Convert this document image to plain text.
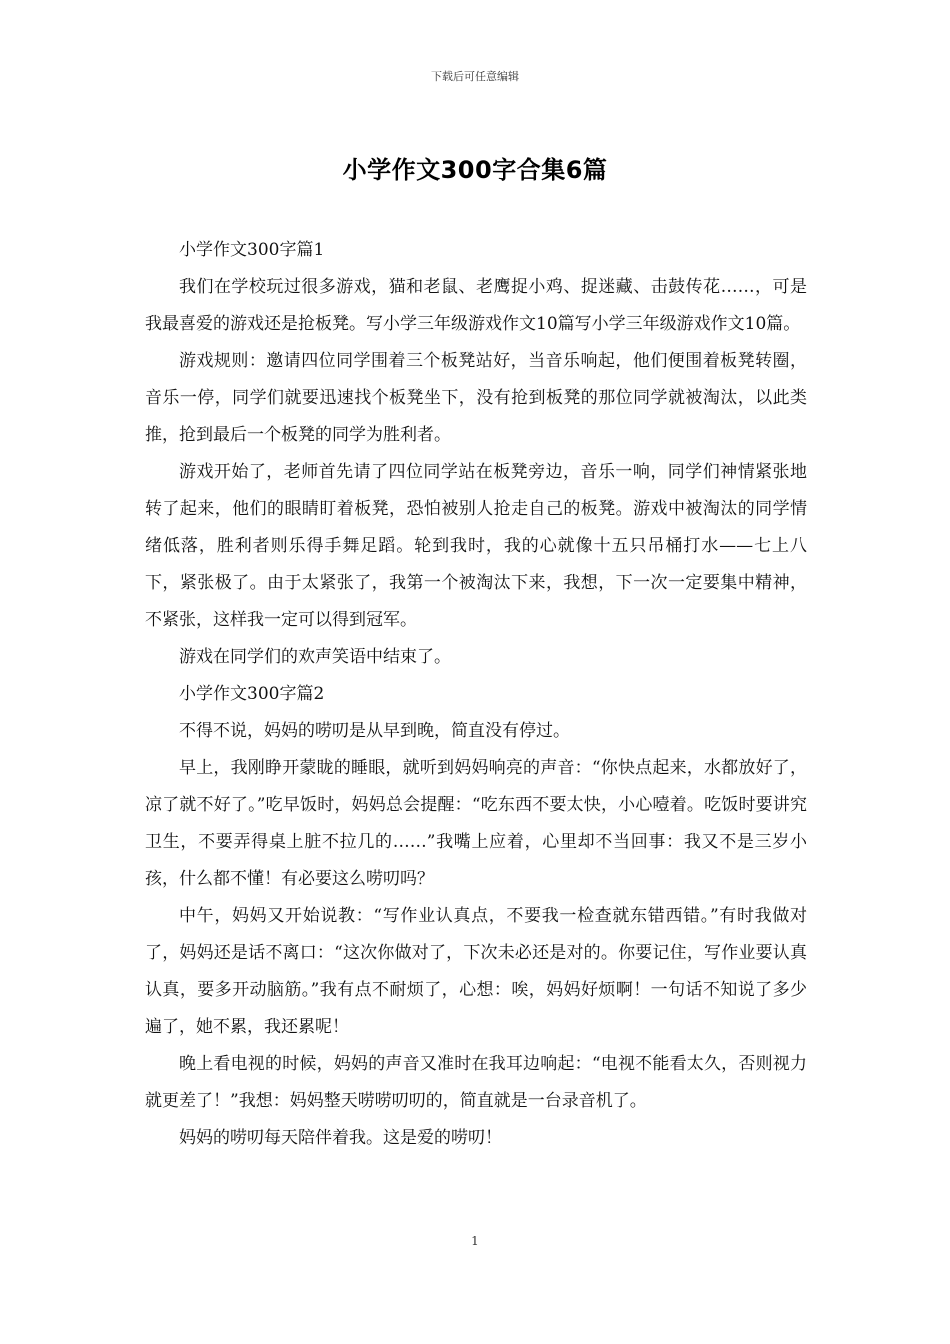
下载后可任意编辑
小学作文300字合集6篇

小学作文300字篇1

我们在学校玩过很多游戏，猫和老鼠、老鹰捉小鸡、捉迷藏、击鼓传花……，可是我最喜爱的游戏还是抢板凳。写小学三年级游戏作文10篇写小学三年级游戏作文10篇。

游戏规则：邀请四位同学围着三个板凳站好，当音乐响起，他们便围着板凳转圈，音乐一停，同学们就要迅速找个板凳坐下，没有抢到板凳的那位同学就被淘汰，以此类推，抢到最后一个板凳的同学为胜利者。

游戏开始了，老师首先请了四位同学站在板凳旁边，音乐一响，同学们神情紧张地转了起来，他们的眼睛盯着板凳，恐怕被别人抢走自己的板凳。游戏中被淘汰的同学情绪低落，胜利者则乐得手舞足蹈。轮到我时，我的心就像十五只吊桶打水——七上八下，紧张极了。由于太紧张了，我第一个被淘汰下来，我想，下一次一定要集中精神，不紧张，这样我一定可以得到冠军。

游戏在同学们的欢声笑语中结束了。

小学作文300字篇2

不得不说，妈妈的唠叨是从早到晚，简直没有停过。

早上，我刚睁开蒙眬的睡眼，就听到妈妈响亮的声音：“你快点起来，水都放好了，凉了就不好了。”吃早饭时，妈妈总会提醒：“吃东西不要太快，小心噎着。吃饭时要讲究卫生，不要弄得桌上脏不拉几的……”我嘴上应着，心里却不当回事：我又不是三岁小孩，什么都不懂！有必要这么唠叨吗？

中午，妈妈又开始说教：“写作业认真点，不要我一检查就东错西错。”有时我做对了，妈妈还是话不离口：“这次你做对了，下次未必还是对的。你要记住，写作业要认真认真，要多开动脑筋。”我有点不耐烦了，心想：唉，妈妈好烦啊！一句话不知说了多少遍了，她不累，我还累呢！

晚上看电视的时候，妈妈的声音又准时在我耳边响起：“电视不能看太久，否则视力就更差了！”我想：妈妈整天唠唠叨叨的，简直就是一台录音机了。

妈妈的唠叨每天陪伴着我。这是爱的唠叨！

1
